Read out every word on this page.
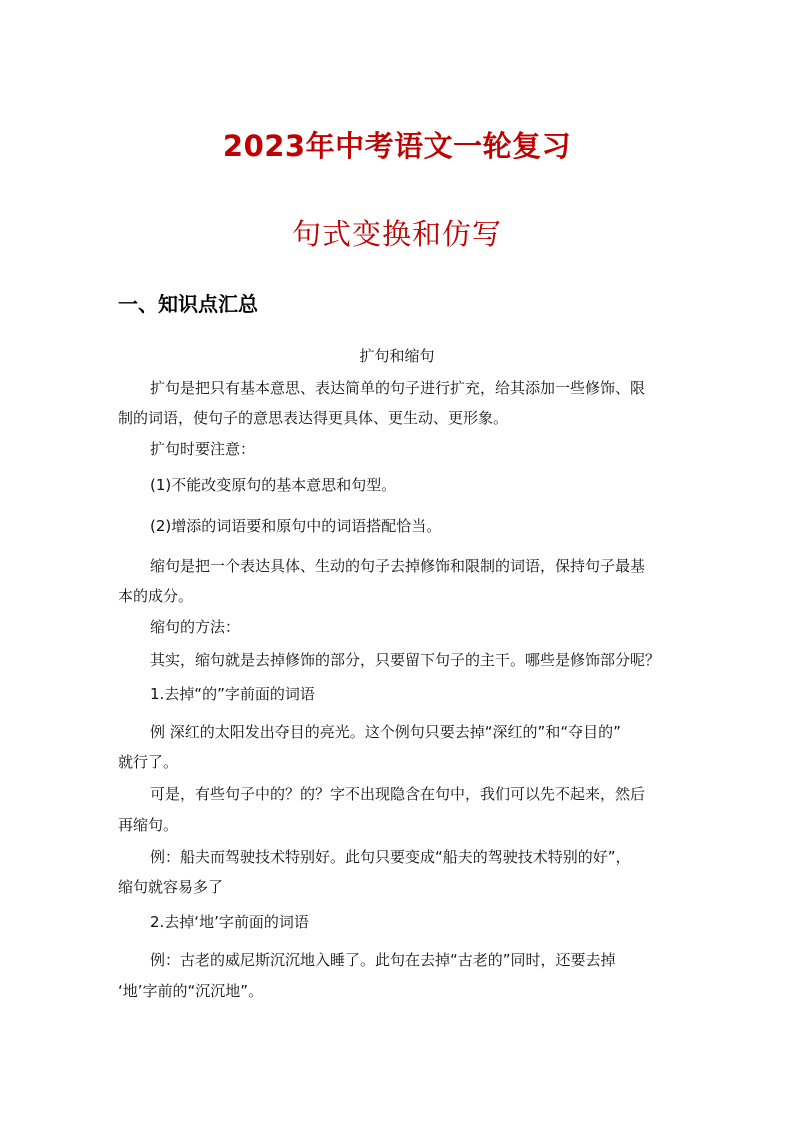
2023年中考语文一轮复习
句式变换和仿写
一、知识点汇总
扩句和缩句
扩句是把只有基本意思、表达简单的句子进行扩充，给其添加一些修饰、限
制的词语，使句子的意思表达得更具体、更生动、更形象。
扩句时要注意：
(1)不能改变原句的基本意思和句型。
(2)增添的词语要和原句中的词语搭配恰当。
缩句是把一个表达具体、生动的句子去掉修饰和限制的词语，保持句子最基
本的成分。
缩句的方法：
其实，缩句就是去掉修饰的部分，只要留下句子的主干。哪些是修饰部分呢？
1.去掉“的”字前面的词语
例 深红的太阳发出夺目的亮光。这个例句只要去掉“深红的”和“夺目的”
就行了。
可是，有些句子中的？的？字不出现隐含在句中，我们可以先不起来，然后
再缩句。
例：船夫而驾驶技术特别好。此句只要变成“船夫的驾驶技术特别的好”，
缩句就容易多了
2.去掉‘地’字前面的词语
例：古老的威尼斯沉沉地入睡了。此句在去掉“古老的”同时，还要去掉
‘地’字前的“沉沉地”。
